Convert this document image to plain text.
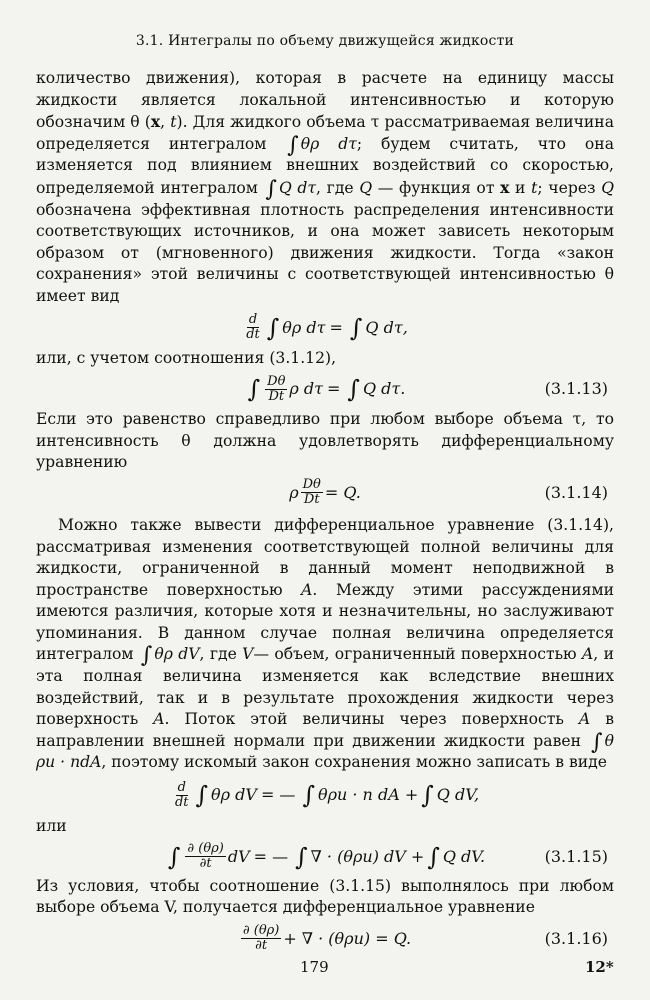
3.1. Интегралы по объему движущейся жидкости

количество движения), которая в расчете на единицу массы жидкости является локальной интенсивностью и которую обозначим θ (x, t). Для жидкого объема τ рассматриваемая величина определяется интегралом ∫ θρ dτ; будем считать, что она изменяется под влиянием внешних воздействий со скоростью, определяемой интегралом ∫ Q dτ, где Q — функция от x и t; через Q обозначена эффективная плотность распределения интенсивности соответствующих источников, и она может зависеть некоторым образом от (мгновенного) движения жидкости. Тогда «закон сохранения» этой величины с соответствующей интенсивностью θ имеет вид

$\frac{d}{dt}$ ∫ θρ dτ = ∫ Q dτ,

или, с учетом соотношения (3.1.12),

∫ $\frac{D\theta}{Dt}$ ρ dτ = ∫ Q dτ.	(3.1.13)

Если это равенство справедливо при любом выборе объема τ, то интенсивность θ должна удовлетворять дифференциальному уравнению

ρ $\frac{D\theta}{Dt} = Q$.	(3.1.14)

Можно также вывести дифференциальное уравнение (3.1.14), рассматривая изменения соответствующей полной величины для жидкости, ограниченной в данный момент неподвижной в пространстве поверхностью A. Между этими рассуждениями имеются различия, которые хотя и незначительны, но заслуживают упоминания. В данном случае полная величина определяется интегралом ∫ θρ dV, где V— объем, ограниченный поверхностью A, и эта полная величина изменяется как вследствие внешних воздействий, так и в результате прохождения жидкости через поверхность A. Поток этой величины через поверхность A в направлении внешней нормали при движении жидкости равен ∫ θ ρu · ndA, поэтому искомый закон сохранения можно записать в виде

$\frac{d}{dt}$ ∫ θρ dV = — ∫ θρu · n dA + ∫ Q dV,

или

∫ $\frac{\partial (\theta\rho)}{\partial t}$ dV = — ∫ ∇ · (θρu) dV + ∫ Q dV.	(3.1.15)

Из условия, чтобы соотношение (3.1.15) выполнялось при любом выборе объема V, получается дифференциальное уравнение

$\frac{\partial (\theta\rho)}{\partial t}$ + ∇ · (θρu) = Q.	(3.1.16)
179	12*
